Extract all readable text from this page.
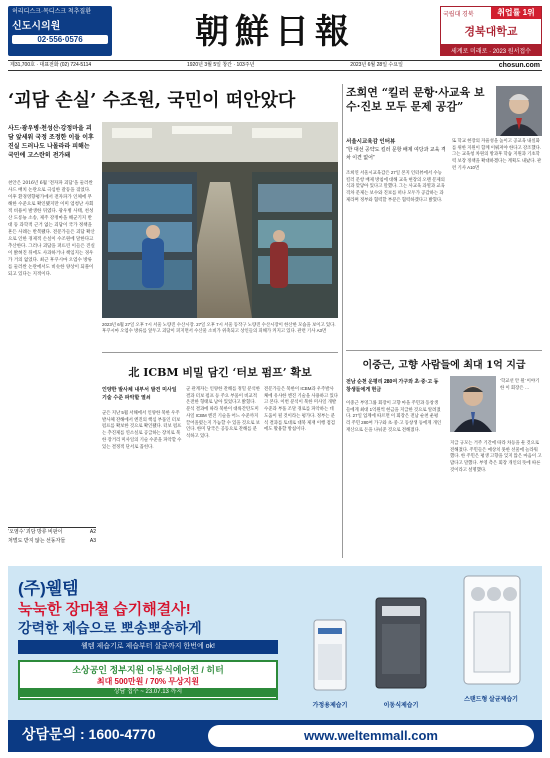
허리디스크·목디스크 척추질환
신도시의원
02·556·0576	朝鮮日報	국립대 경북	취업률 1위
경북대학교
세계로 미래로 · 2023 원서접수
제31,700호 · 대표전화 (02) 724-5114	1920년 3월 5일 창간 · 103주년	2023년 6월 28일 수요일	chosun.com
‘괴담 손실’ 수조원, 국민이 떠안았다
사드·광우병·천성산·강정마을 괴담 앞세워 국정 조정한 이들 이후 진실 드러나도 나몰라라 피해는 국민에 고스란히 전가돼
천안은 2016년 6월 '전자파 괴담'을 둘러싼 사드 배치 논란으로 극심한 갈등을 겪었다. 이후 환경영향평가에서 전자파가 인체에 무해한 수준으로 확인됐지만 이미 엄청난 사회적 비용이 발생한 뒤였다. 광우병 사태, 천성산 도롱뇽 소송, 제주 강정마을 해군기지 반대 등 과학적 근거 없는 괴담이 국가 정책을 흔든 사례는 반복됐다. 전문가들은 괴담 확산으로 인한 경제적 손실이 수조원에 달한다고 추산한다. 그러나 괴담을 퍼뜨린 이들은 진실이 밝혀진 뒤에도 사과하거나 책임지는 경우가 거의 없었다. 최근 후쿠시마 오염수 방류를 둘러싼 논란에서도 비슷한 양상이 되풀이되고 있다는 지적이다.
2023년 6월 27일 오후 7시 서울 노량진 수산시장. 27일 오후 7시 서울 동작구 노량진 수산시장이 한산한 모습을 보이고 있다. 후쿠시마 오염수 방류를 앞두고 괴담이 퍼지면서 수산물 소비가 위축되고 상인들의 피해가 커지고 있다. 관련 기사 A3면
北 ICBM 비밀 담긴 ‘터보 펌프’ 확보
인양한 발사체 내부서 발견 미사일 기술 수준 파악할 열쇠
군은 지난 5월 서해에서 인양한 북한 우주발사체 잔해에서 엔진의 핵심 부품인 터보 펌프를 확보한 것으로 확인됐다. 터보 펌프는 추진제를 연소실로 공급하는 장치로 북한 장거리 미사일의 기술 수준을 파악할 수 있는 결정적 단서로 꼽힌다.
군 관계자는 인양한 잔해를 정밀 분석한 결과 터보 펌프 등 주요 부품이 비교적 온전한 형태로 남아 있었다고 밝혔다. 분석 결과에 따라 북한이 대륙간탄도미사일 ICBM 엔진 기술을 어느 수준까지 끌어올렸는지 가늠할 수 있을 것으로 보인다. 한미 당국은 공동으로 잔해를 분석하고 있다.
전문가들은 북한이 ICBM과 우주발사체에 유사한 엔진 기술을 사용하고 있다고 본다. 이번 분석이 북한 미사일 개발 수준과 부품 조달 경로를 파악하는 데 도움이 될 것이라는 평가다. 정부는 분석 결과를 토대로 대북 제재 이행 점검에도 활용할 방침이다.
‘오염수’ 괴담 방류 비판이	A2
처벌도 받지 않는 선동자들	A3
조희연 “킬러 문항·사교육 보수·진보 모두 문제 공감”
서울시교육감 인터뷰
“한 대선 공약도 킬러 문항 배제 여당과 교육 격차 이견 없어”
조희연 서울시교육감은 27일 본지 인터뷰에서 수능 킬러 문항 배제 방침에 대해 교육 현장의 오랜 문제의식과 맞닿아 있다고 말했다. 그는 사교육 과열과 교육 격차 문제는 보수와 진보를 떠나 모두가 공감하는 과제라며 정부와 협력할 부분은 협력하겠다고 밝혔다.
또 학교 현장의 자율성을 높이고 공교육 내실화를 위한 지원이 함께 이뤄져야 한다고 강조했다. 그는 교육청 차원의 방과후 학습 지원과 기초학력 보장 정책을 확대하겠다는 계획도 내놨다. 관련 기사 A10면
이중근, 고향 사람들에 최대 1억 지급
전남 순천 운평리 280여 가구와 초·중·고 동창생들에게 현금
이중근 부영그룹 회장이 고향 마을 주민과 동창생들에게 최대 1억원씩 현금을 지급한 것으로 알려졌다. 27일 업계에 따르면 이 회장은 전남 순천 운평리 주민 280여 가구와 초·중·고 동창생 등에게 개인 재산으로 돈을 나눠준 것으로 전해졌다.
‘학교선 안 될’ 이야기한 이 회장은 …
지급 규모는 거주 기간에 따라 차등을 둔 것으로 전해졌다. 주민들은 예상치 못한 선물에 놀라워했다. 한 주민은 평생 고향을 잊지 않은 마음이 고맙다고 말했다. 부영 측은 회장 개인의 뜻에 따른 것이라고 설명했다.
(주)웰템
눅눅한 장마철 습기해결사!
강력한 제습으로 뽀송뽀송하게
웰템 제습기로 제습부터 살균까지 한번에 ok!
소상공인 정부지원 이동식에어컨 / 히터
최대 500만원 / 70% 무상지원
상담 접수 ~ 23.07.13 까지
가정용제습기	이동식제습기
스탠드형 살균제습기
상담문의 : 1600-4770	www.weltemmall.com
